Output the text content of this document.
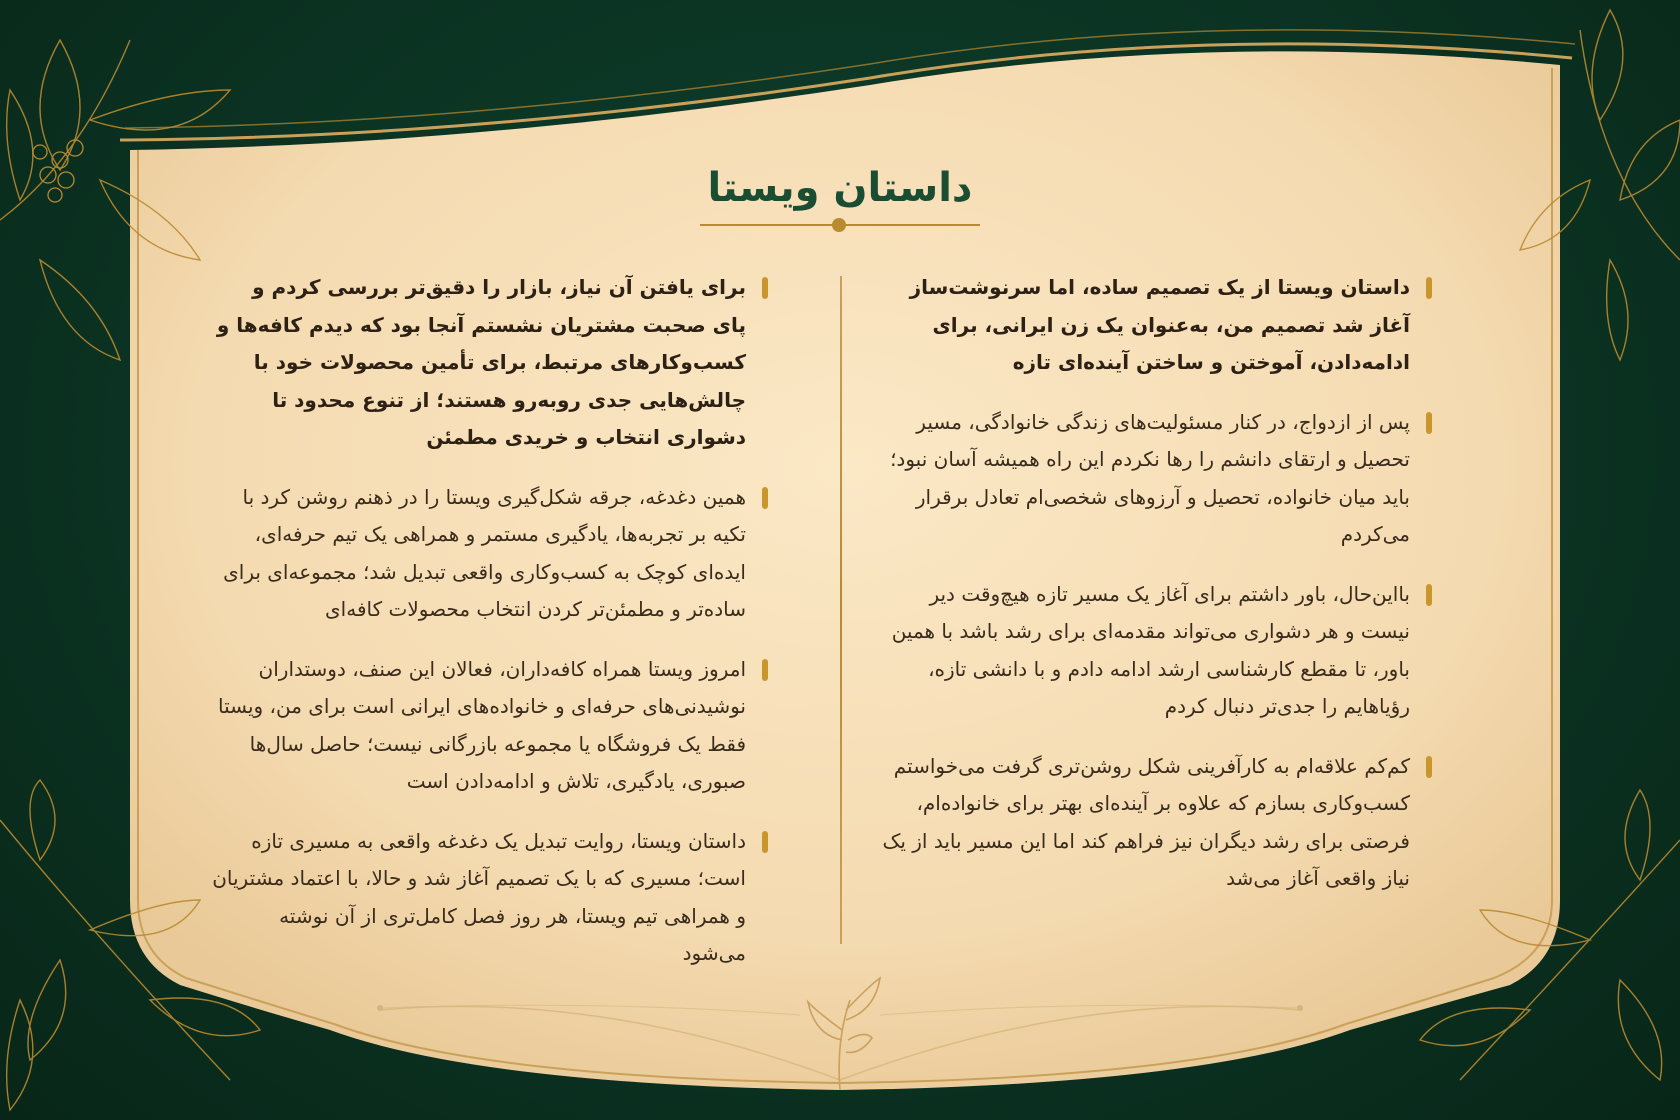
داستان ویستا
داستان ویستا از یک تصمیم ساده، اما سرنوشت‌ساز آغاز شد تصمیم من، به‌عنوان یک زن ایرانی، برای ادامه‌دادن، آموختن و ساختن آینده‌ای تازه
پس از ازدواج، در کنار مسئولیت‌های زندگی خانوادگی، مسیر تحصیل و ارتقای دانشم را رها نکردم این راه همیشه آسان نبود؛ باید میان خانواده، تحصیل و آرزوهای شخصی‌ام تعادل برقرار می‌کردم
بااین‌حال، باور داشتم برای آغاز یک مسیر تازه هیچ‌وقت دیر نیست و هر دشواری می‌تواند مقدمه‌ای برای رشد باشد با همین باور، تا مقطع کارشناسی ارشد ادامه دادم و با دانشی تازه، رؤیاهایم را جدی‌تر دنبال کردم
کم‌کم علاقه‌ام به کارآفرینی شکل روشن‌تری گرفت می‌خواستم کسب‌وکاری بسازم که علاوه بر آینده‌ای بهتر برای خانواده‌ام، فرصتی برای رشد دیگران نیز فراهم کند اما این مسیر باید از یک نیاز واقعی آغاز می‌شد
برای یافتن آن نیاز، بازار را دقیق‌تر بررسی کردم و پای صحبت مشتریان نشستم آنجا بود که دیدم کافه‌ها و کسب‌وکارهای مرتبط، برای تأمین محصولات خود با چالش‌هایی جدی روبه‌رو هستند؛ از تنوع محدود تا دشواری انتخاب و خریدی مطمئن
همین دغدغه، جرقه شکل‌گیری ویستا را در ذهنم روشن کرد با تکیه بر تجربه‌ها، یادگیری مستمر و همراهی یک تیم حرفه‌ای، ایده‌ای کوچک به کسب‌وکاری واقعی تبدیل شد؛ مجموعه‌ای برای ساده‌تر و مطمئن‌تر کردن انتخاب محصولات کافه‌ای
امروز ویستا همراه کافه‌داران، فعالان این صنف، دوستداران نوشیدنی‌های حرفه‌ای و خانواده‌های ایرانی است برای من، ویستا فقط یک فروشگاه یا مجموعه بازرگانی نیست؛ حاصل سال‌ها صبوری، یادگیری، تلاش و ادامه‌دادن است
داستان ویستا، روایت تبدیل یک دغدغه واقعی به مسیری تازه است؛ مسیری که با یک تصمیم آغاز شد و حالا، با اعتماد مشتریان و همراهی تیم ویستا، هر روز فصل کامل‌تری از آن نوشته می‌شود
